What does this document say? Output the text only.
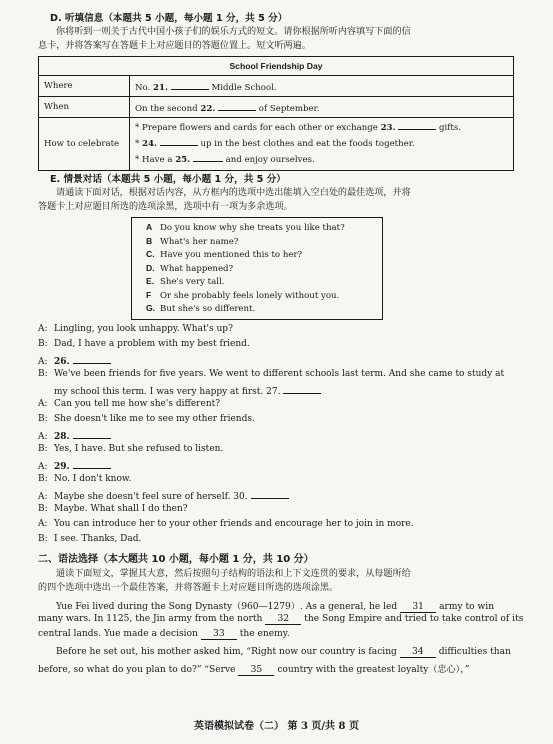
D. 听填信息（本题共 5 小题，每小题 1 分，共 5 分）
你将听到一则关于古代中国小孩子们的娱乐方式的短文。请你根据所听内容填写下面的信
息卡，并将答案写在答题卡上对应题目的答题位置上。短文听两遍。
School Friendship Day	
Where	No. 21. Middle School.
When	On the second 22. of September.
How to celebrate	* Prepare flowers and cards for each other or exchange 23. gifts.
* 24. up in the best clothes and eat the foods together.
* Have a 25. and enjoy ourselves.
E. 情景对话（本题共 5 小题，每小题 1 分，共 5 分）
请通读下面对话，根据对话内容，从方框内的选项中选出能填入空白处的最佳选项，并将
答题卡上对应题目所选的选项涂黑，选项中有一项为多余选项。
A Do you know why she treats you like that?
B What's her name?
C. Have you mentioned this to her?
D. What happened?
E. She's very tall.
F Or she probably feels lonely without you.
G. But she's so different.
A: Lingling, you look unhappy. What's up?
B: Dad, I have a problem with my best friend.
A: 26.
B: We've been friends for five years. We went to different schools last term. And she came to study at
my school this term. I was very happy at first. 27.
A: Can you tell me how she's different?
B: She doesn't like me to see my other friends.
A: 28.
B: Yes, I have. But she refused to listen.
A: 29.
B: No. I don't know.
A: Maybe she doesn't feel sure of herself. 30.
B: Maybe. What shall I do then?
A: You can introduce her to your other friends and encourage her to join in more.
B: I see. Thanks, Dad.
二、语法选择（本大题共 10 小题，每小题 1 分，共 10 分）
通读下面短文，掌握其大意，然后按照句子结构的语法和上下文连贯的要求，从每题所给
的四个选项中选出一个最佳答案，并将答题卡上对应题目所选的选项涂黑。
Yue Fei lived during the Song Dynasty（960—1279）. As a general, he led 31 army to win
many wars. In 1125, the Jin army from the north 32 the Song Empire and tried to take control of its
central lands. Yue made a decision 33 the enemy.
Before he set out, his mother asked him, “Right now our country is facing 34 difficulties than
before, so what do you plan to do?” “Serve 35 country with the greatest loyalty（忠心），”
英语模拟试卷（二） 第 3 页/共 8 页
